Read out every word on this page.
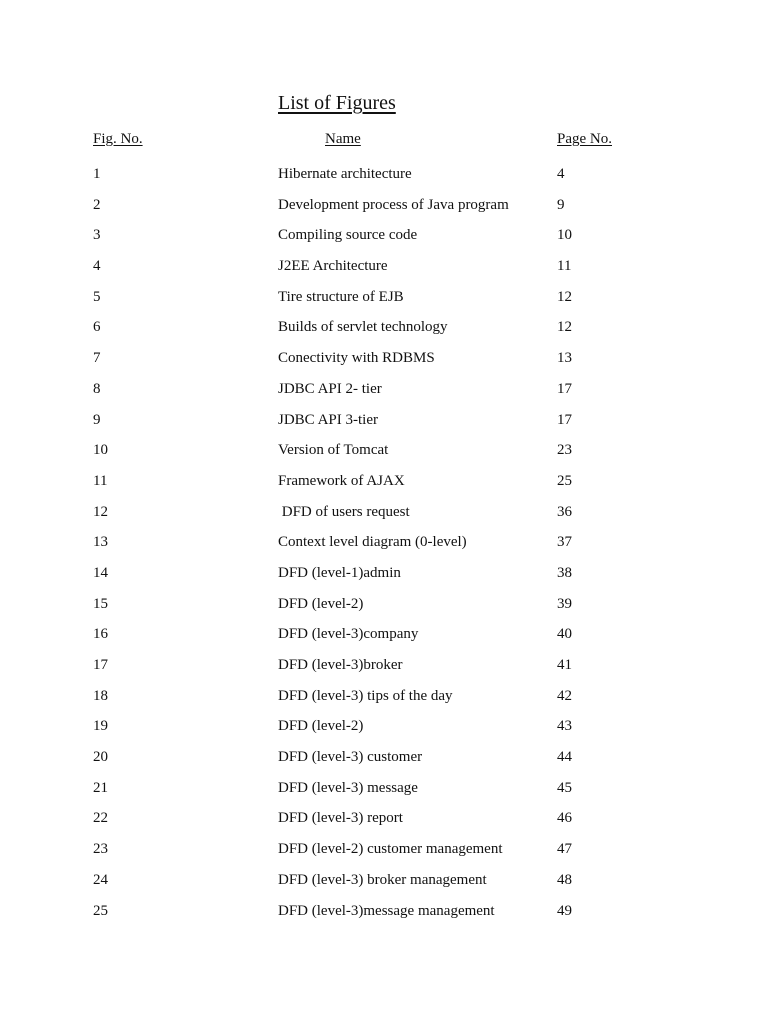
List of Figures
Fig. No.	Name	Page No.
1	Hibernate architecture	4
2	Development process of Java program	9
3	Compiling source code	10
4	J2EE Architecture	11
5	Tire structure of EJB	12
6	Builds of servlet technology	12
7	Conectivity with RDBMS	13
8	JDBC API 2- tier	17
9	JDBC API 3-tier	17
10	Version of Tomcat	23
11	Framework of AJAX	25
12	DFD of users request	36
13	Context level diagram (0-level)	37
14	DFD (level-1)admin	38
15	DFD (level-2)	39
16	DFD (level-3)company	40
17	DFD (level-3)broker	41
18	DFD (level-3) tips of the day	42
19	DFD (level-2)	43
20	DFD (level-3) customer	44
21	DFD (level-3) message	45
22	DFD (level-3) report	46
23	DFD (level-2) customer management	47
24	DFD (level-3) broker management	48
25	DFD (level-3)message management	49
